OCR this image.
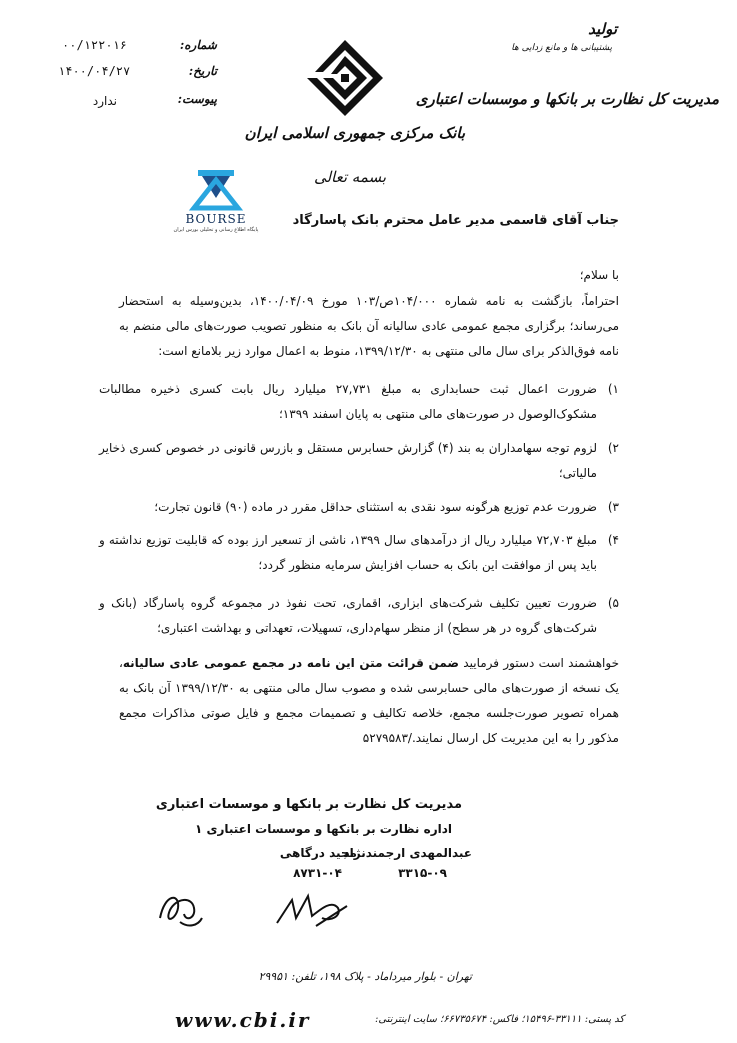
تولید
پشتیبانی ها و مانع زدایی ها
مدیریت کل نظارت بر بانکها و موسسات اعتباری
بانک مرکزی جمهوری اسلامی ایران
بسمه تعالی
شماره:
۰۰/۱۲۲۰۱۶
تاریخ:
۱۴۰۰/۰۴/۲۷
پیوست:
ندارد
BOURSE
پایگاه اطلاع رسانی و تحلیلی بورس ایران
جناب آقای قاسمی مدیر عامل محترم بانک پاسارگاد
با سلام؛
احتراماً، بازگشت به نامه شماره ۱۰۴/۰۰۰ص/۱۰۳ مورخ ۱۴۰۰/۰۴/۰۹، بدین‌وسیله به استحضار می‌رساند؛ برگزاری مجمع عمومی عادی سالیانه آن بانک به منظور تصویب صورت‌های مالی منضم به نامه فوق‌الذکر برای سال مالی منتهی به ۱۳۹۹/۱۲/۳۰، منوط به اعمال موارد زیر بلامانع است:
۱)
ضرورت اعمال ثبت حسابداری به مبلغ ۲۷,۷۳۱ میلیارد ریال بابت کسری ذخیره مطالبات مشکوک‌الوصول در صورت‌های مالی منتهی به پایان اسفند ۱۳۹۹؛
۲)
لزوم توجه سهامداران به بند (۴) گزارش حسابرس مستقل و بازرس قانونی در خصوص کسری ذخایر مالیاتی؛
۳)
ضرورت عدم توزیع هرگونه سود نقدی به استثنای حداقل مقرر در ماده (۹۰) قانون تجارت؛
۴)
مبلغ ۷۲,۷۰۳ میلیارد ریال از درآمدهای سال ۱۳۹۹، ناشی از تسعیر ارز بوده که قابلیت توزیع نداشته و باید پس از موافقت این بانک به حساب افزایش سرمایه منظور گردد؛
۵)
ضرورت تعیین تکلیف شرکت‌های ابزاری، اقماری، تحت نفوذ در مجموعه گروه پاسارگاد (بانک و شرکت‌های گروه در هر سطح) از منظر سهام‌داری، تسهیلات، تعهداتی و بهداشت اعتباری؛
خواهشمند است دستور فرمایید ضمن قرائت متن این نامه در مجمع عمومی عادی سالیانه، یک نسخه از صورت‌های مالی حسابرسی شده و مصوب سال مالی منتهی به ۱۳۹۹/۱۲/۳۰ آن بانک به همراه تصویر صورت‌جلسه مجمع، خلاصه تکالیف و تصمیمات مجمع و فایل صوتی مذاکرات مجمع مذکور را به این مدیریت کل ارسال نمایند./۵۲۷۹۵۸۳
مدیریت کل نظارت بر بانکها و موسسات اعتباری
اداره نظارت بر بانکها و موسسات اعتباری ۱
مجید درگاهی
۸۷۳۱-۰۴
عبدالمهدی ارجمندنژاد
۳۳۱۵-۰۹
تهران - بلوار میرداماد - پلاک ۱۹۸، تلفن: ۲۹۹۵۱
کد پستی: ۳۳۱۱۱-۱۵۴۹۶؛ فاکس: ۶۶۷۳۵۶۷۴؛ سایت اینترنتی:
www.cbi.ir
